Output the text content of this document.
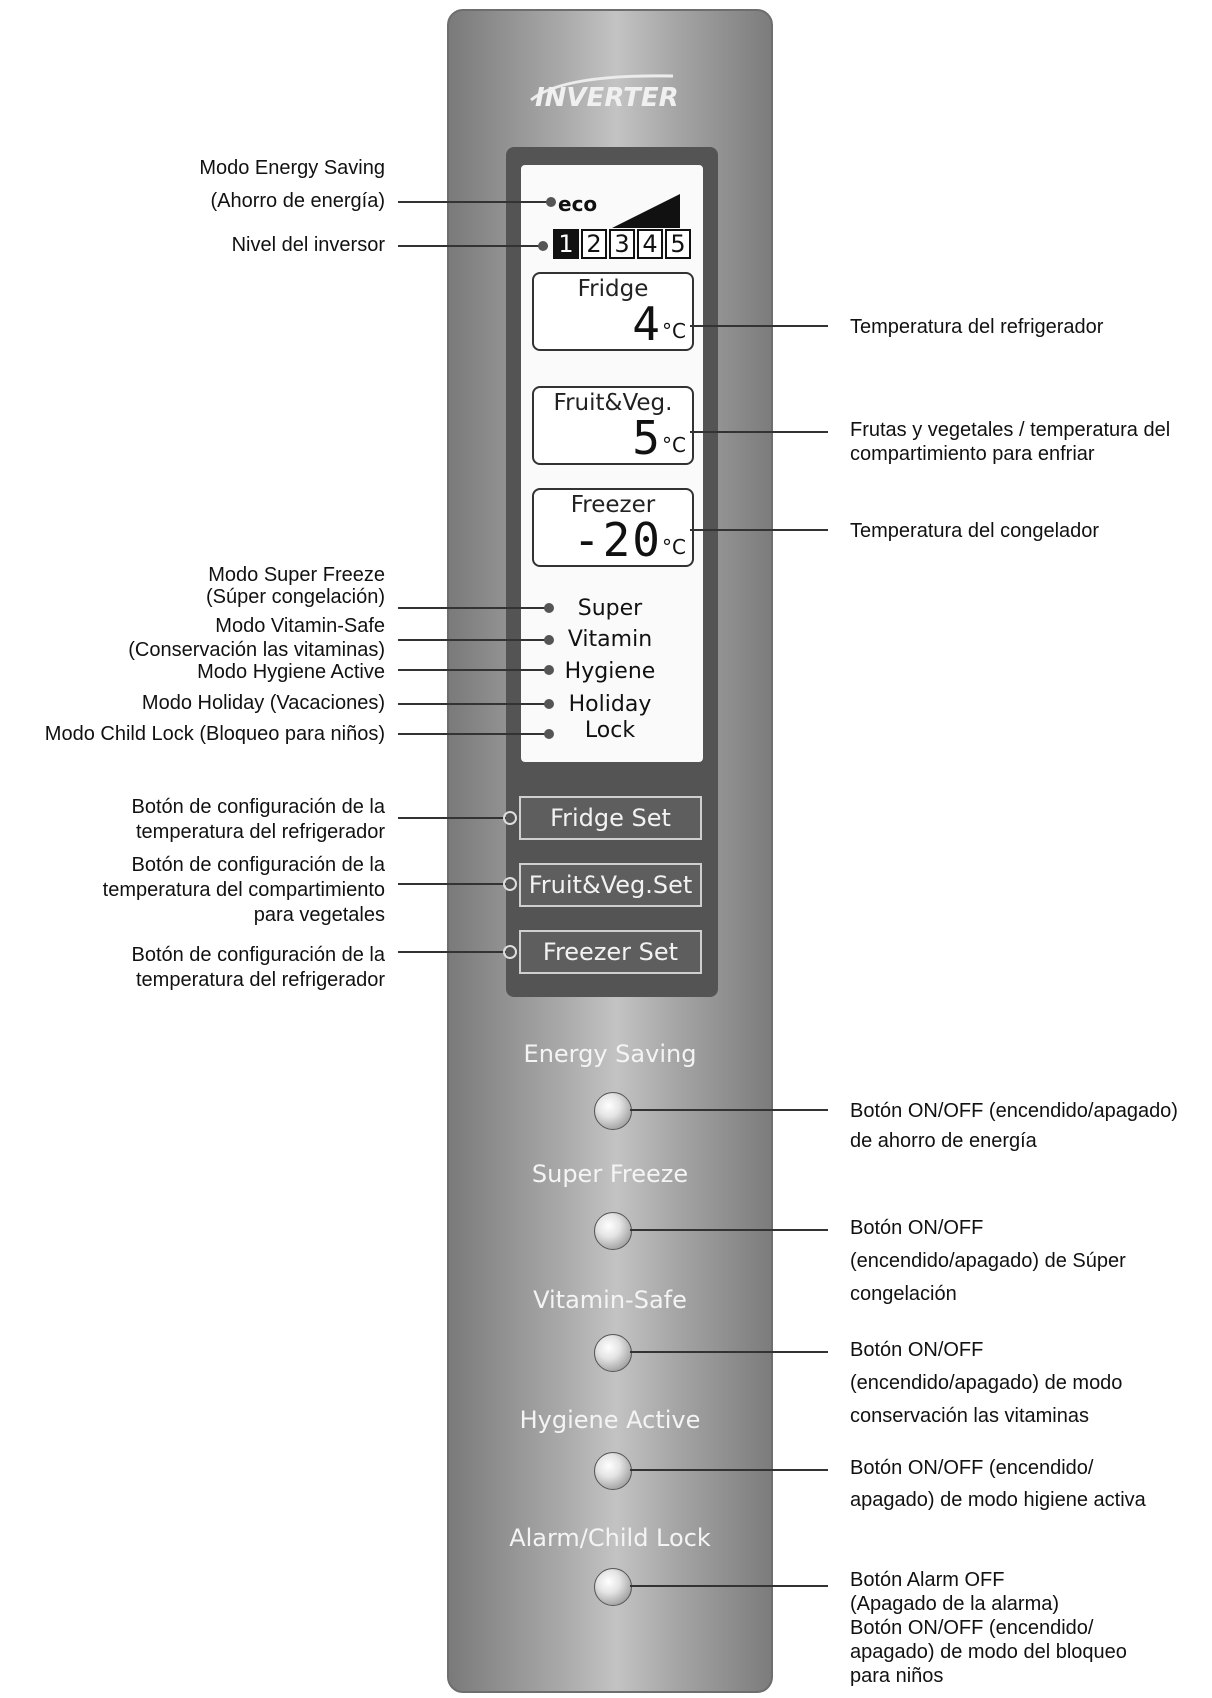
INVERTER
eco
1 2 3 4 5
Fridge
4 °C
Fruit&Veg.
5 °C
Freezer
-20 °C
Super
Vitamin
Hygiene
Holiday
Lock
Fridge Set
Fruit&Veg.Set
Freezer Set
Energy Saving
Super Freeze
Vitamin-Safe
Hygiene Active
Alarm/Child Lock
Modo Energy Saving
(Ahorro de energía)
Nivel del inversor
Modo Super Freeze
(Súper congelación)
Modo Vitamin-Safe
(Conservación las vitaminas)
Modo Hygiene Active
Modo Holiday (Vacaciones)
Modo Child Lock (Bloqueo para niños)
Botón de configuración de la
temperatura del refrigerador
Botón de configuración de la
temperatura del compartimiento
para vegetales
Botón de configuración de la
temperatura del refrigerador
Temperatura del refrigerador
Frutas y vegetales / temperatura del
compartimiento para enfriar
Temperatura del congelador
Botón ON/OFF (encendido/apagado)
de ahorro de energía
Botón ON/OFF
(encendido/apagado) de Súper
congelación
Botón ON/OFF
(encendido/apagado) de modo
conservación las vitaminas
Botón ON/OFF (encendido/
apagado) de modo higiene activa
Botón Alarm OFF
(Apagado de la alarma)
Botón ON/OFF (encendido/
apagado) de modo del bloqueo
para niños
